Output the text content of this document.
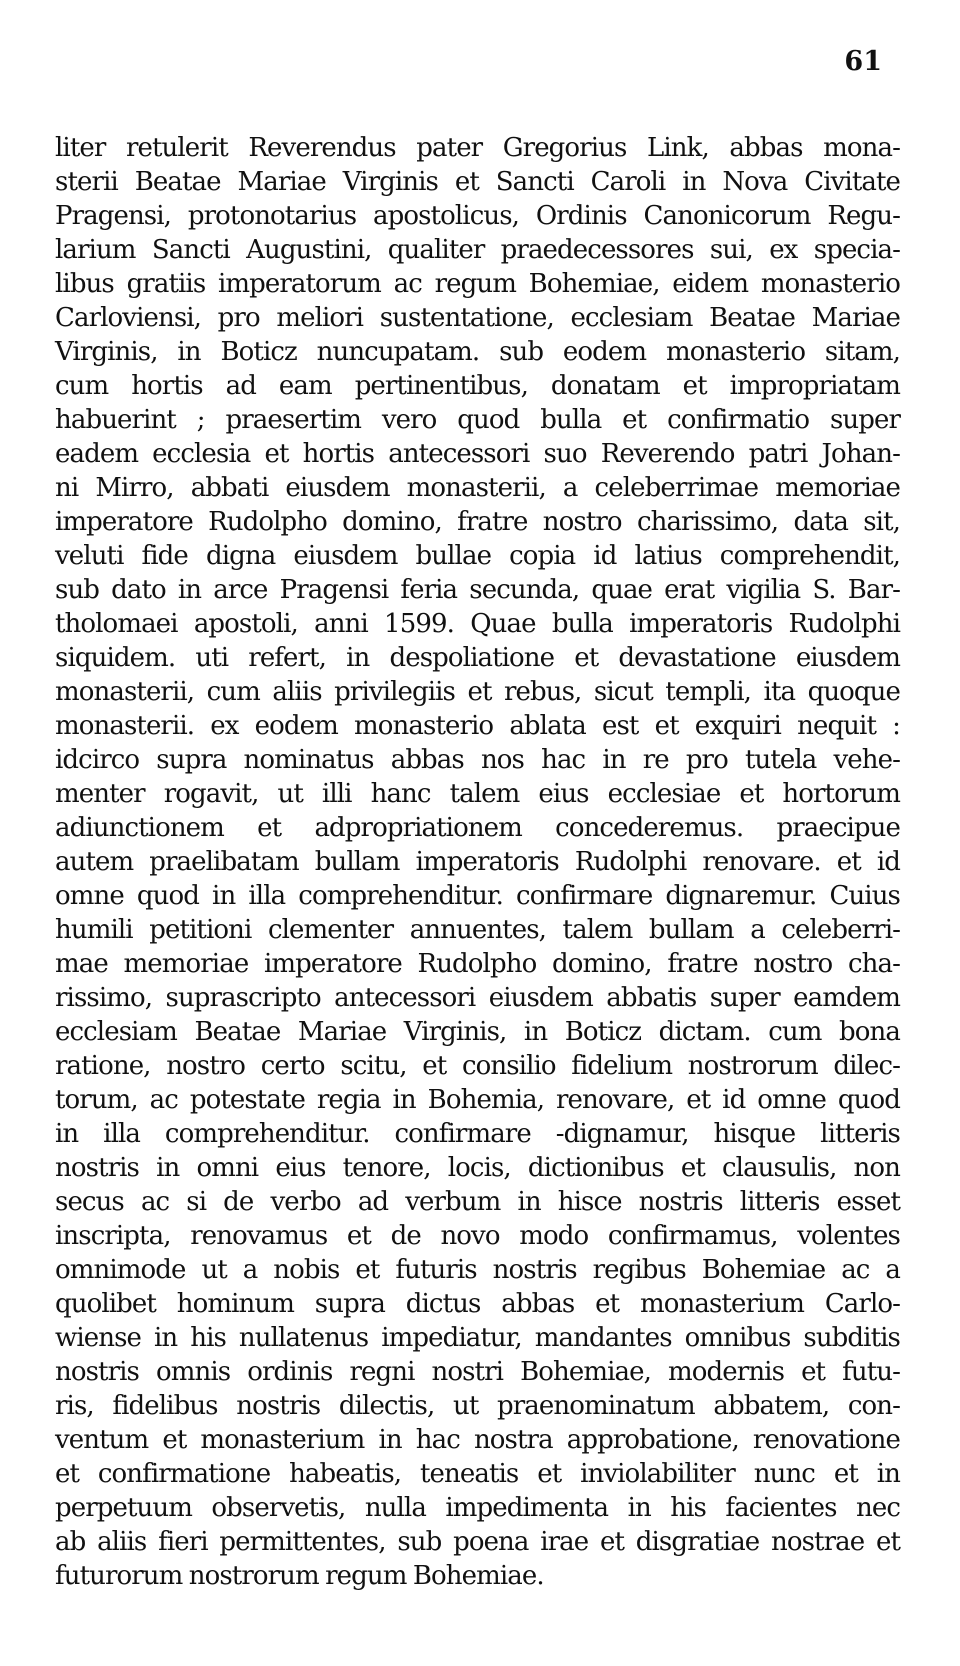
61
liter retulerit Reverendus pater Gregorius Link, abbas mona-
sterii Beatae Mariae Virginis et Sancti Caroli in Nova Civitate
Pragensi, protonotarius apostolicus, Ordinis Canonicorum Regu-
larium Sancti Augustini, qualiter praedecessores sui, ex specia-
libus gratiis imperatorum ac regum Bohemiae, eidem monasterio
Carloviensi, pro meliori sustentatione, ecclesiam Beatae Mariae
Virginis, in Boticz nuncupatam. sub eodem monasterio sitam,
cum hortis ad eam pertinentibus, donatam et impropriatam
habuerint ; praesertim vero quod bulla et confirmatio super
eadem ecclesia et hortis antecessori suo Reverendo patri Johan-
ni Mirro, abbati eiusdem monasterii, a celeberrimae memoriae
imperatore Rudolpho domino, fratre nostro charissimo, data sit,
veluti fide digna eiusdem bullae copia id latius comprehendit,
sub dato in arce Pragensi feria secunda, quae erat vigilia S. Bar-
tholomaei apostoli, anni 1599. Quae bulla imperatoris Rudolphi
siquidem. uti refert, in despoliatione et devastatione eiusdem
monasterii, cum aliis privilegiis et rebus, sicut templi, ita quoque
monasterii. ex eodem monasterio ablata est et exquiri nequit :
idcirco supra nominatus abbas nos hac in re pro tutela vehe-
menter rogavit, ut illi hanc talem eius ecclesiae et hortorum
adiunctionem et adpropriationem concederemus. praecipue
autem praelibatam bullam imperatoris Rudolphi renovare. et id
omne quod in illa comprehenditur. confirmare dignaremur. Cuius
humili petitioni clementer annuentes, talem bullam a celeberri-
mae memoriae imperatore Rudolpho domino, fratre nostro cha-
rissimo, suprascripto antecessori eiusdem abbatis super eamdem
ecclesiam Beatae Mariae Virginis, in Boticz dictam. cum bona
ratione, nostro certo scitu, et consilio fidelium nostrorum dilec-
torum, ac potestate regia in Bohemia, renovare, et id omne quod
in illa comprehenditur. confirmare -dignamur, hisque litteris
nostris in omni eius tenore, locis, dictionibus et clausulis, non
secus ac si de verbo ad verbum in hisce nostris litteris esset
inscripta, renovamus et de novo modo confirmamus, volentes
omnimode ut a nobis et futuris nostris regibus Bohemiae ac a
quolibet hominum supra dictus abbas et monasterium Carlo-
wiense in his nullatenus impediatur, mandantes omnibus subditis
nostris omnis ordinis regni nostri Bohemiae, modernis et futu-
ris, fidelibus nostris dilectis, ut praenominatum abbatem, con-
ventum et monasterium in hac nostra approbatione, renovatione
et confirmatione habeatis, teneatis et inviolabiliter nunc et in
perpetuum observetis, nulla impedimenta in his facientes nec
ab aliis fieri permittentes, sub poena irae et disgratiae nostrae et
futurorum nostrorum regum Bohemiae.
